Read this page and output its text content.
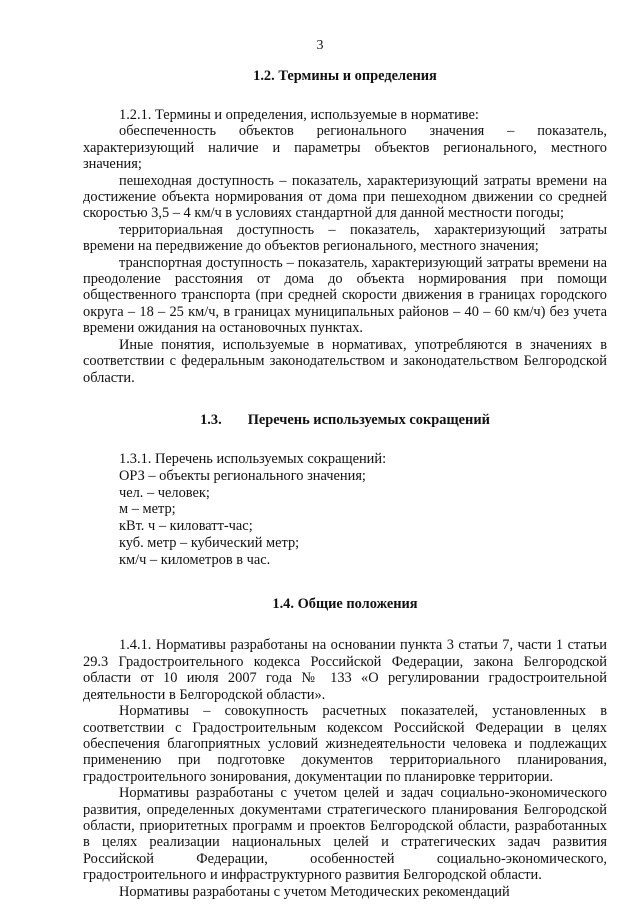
3
1.2. Термины и определения

1.2.1. Термины и определения, используемые в нормативе:

обеспеченность объектов регионального значения – показатель, характеризующий наличие и параметры объектов регионального, местного значения;

пешеходная доступность – показатель, характеризующий затраты времени на достижение объекта нормирования от дома при пешеходном движении со средней скоростью 3,5 – 4 км/ч в условиях стандартной для данной местности погоды;

территориальная доступность – показатель, характеризующий затраты времени на передвижение до объектов регионального, местного значения;

транспортная доступность – показатель, характеризующий затраты времени на преодоление расстояния от дома до объекта нормирования при помощи общественного транспорта (при средней скорости движения в границах городского округа – 18 – 25 км/ч, в границах муниципальных районов – 40 – 60 км/ч) без учета времени ожидания на остановочных пунктах.

Иные понятия, используемые в нормативах, употребляются в значениях в соответствии с федеральным законодательством и законодательством Белгородской области.

1.3. Перечень используемых сокращений

1.3.1. Перечень используемых сокращений:

ОРЗ – объекты регионального значения;

чел. – человек;

м – метр;

кВт. ч – киловатт-час;

куб. метр – кубический метр;

км/ч – километров в час.

1.4. Общие положения

1.4.1. Нормативы разработаны на основании пункта 3 статьи 7, части 1 статьи 29.3 Градостроительного кодекса Российской Федерации, закона Белгородской области от 10 июля 2007 года № 133 «О регулировании градостроительной деятельности в Белгородской области».

Нормативы – совокупность расчетных показателей, установленных в соответствии с Градостроительным кодексом Российской Федерации в целях обеспечения благоприятных условий жизнедеятельности человека и подлежащих применению при подготовке документов территориального планирования, градостроительного зонирования, документации по планировке территории.

Нормативы разработаны с учетом целей и задач социально-экономического развития, определенных документами стратегического планирования Белгородской области, приоритетных программ и проектов Белгородской области, разработанных в целях реализации национальных целей и стратегических задач развития Российской Федерации, особенностей социально-экономического, градостроительного и инфраструктурного развития Белгородской области.

Нормативы разработаны с учетом Методических рекомендаций
